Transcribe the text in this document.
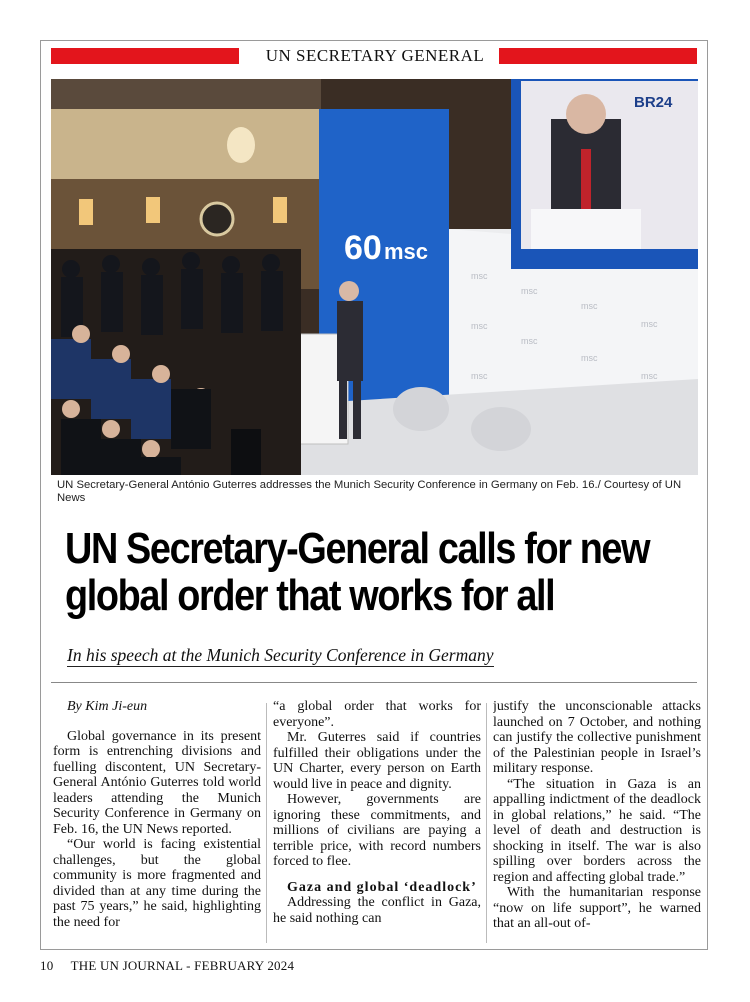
UN SECRETARY GENERAL
60 msc
msc
msc
msc
msc
msc
msc
msc
msc
msc
BR24
UN Secretary-General António Guterres addresses the Munich Security Conference in Germany on Feb. 16./ Courtesy of UN News
UN Secretary-General calls for new
global order that works for all
In his speech at the Munich Security Conference in Germany

By Kim Ji-eun

Global governance in its present form is entrenching divisions and fuelling discontent, UN Secretary-General António Guterres told world leaders attending the Munich Security Conference in Germany on Feb. 16, the UN News reported.

“Our world is facing existential challenges, but the global community is more fragmented and divided than at any time during the past 75 years,” he said, highlighting the need for

“a global order that works for everyone”.

Mr. Guterres said if countries fulfilled their obligations under the UN Charter, every person on Earth would live in peace and dignity.

However, governments are ignoring these commitments, and millions of civilians are paying a terrible price, with record numbers forced to flee.

Gaza and global ‘deadlock’

Addressing the conflict in Gaza, he said nothing can

justify the unconscionable attacks launched on 7 October, and nothing can justify the collective punishment of the Palestinian people in Israel’s military response.

“The situation in Gaza is an appalling indictment of the deadlock in global relations,” he said. “The level of death and destruction is shocking in itself. The war is also spilling over borders across the region and affecting global trade.”

With the humanitarian response “now on life support”, he warned that an all-out of-

10 THE UN JOURNAL - FEBRUARY 2024
